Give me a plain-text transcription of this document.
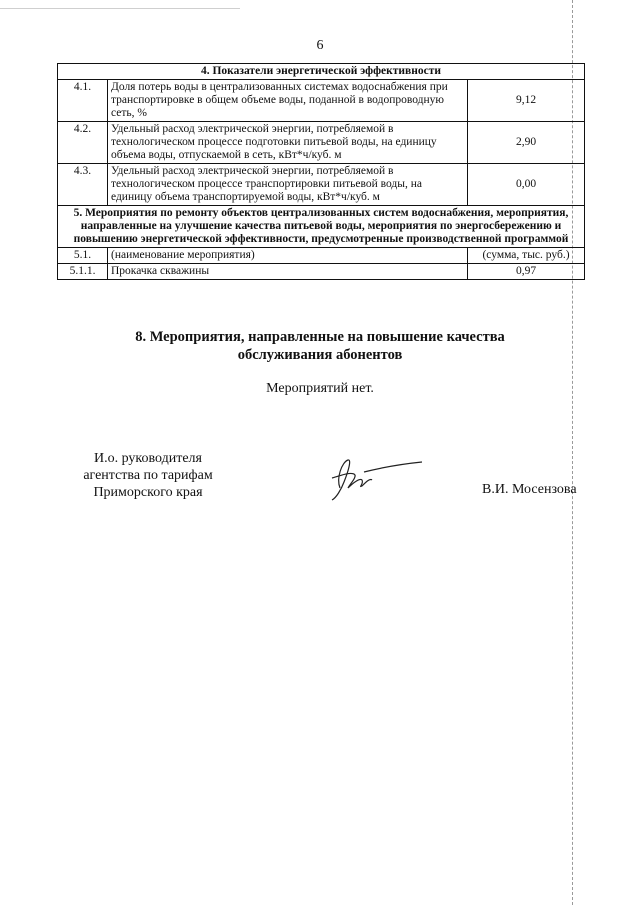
6
4. Показатели энергетической эффективности		
4.1.	Доля потерь воды в централизованных системах водоснабжения при транспортировке в общем объеме воды, поданной в водопроводную сеть, %	9,12
4.2.	Удельный расход электрической энергии, потребляемой в технологическом процессе подготовки питьевой воды, на единицу объема воды, отпускаемой в сеть, кВт*ч/куб. м	2,90
4.3.	Удельный расход электрической энергии, потребляемой в технологическом процессе транспортировки питьевой воды, на единицу объема транспортируемой воды, кВт*ч/куб. м	0,00
5. Мероприятия по ремонту объектов централизованных систем водоснабжения, мероприятия, направленные на улучшение качества питьевой воды, мероприятия по энергосбережению и повышению энергетической эффективности, предусмотренные производственной программой		
5.1.	(наименование мероприятия)	(сумма, тыс. руб.)
5.1.1.	Прокачка скважины	0,97
8. Мероприятия, направленные на повышение качества
обслуживания абонентов
Мероприятий нет.
И.о. руководителя
агентства по тарифам
Приморского края	В.И. Мосензова
